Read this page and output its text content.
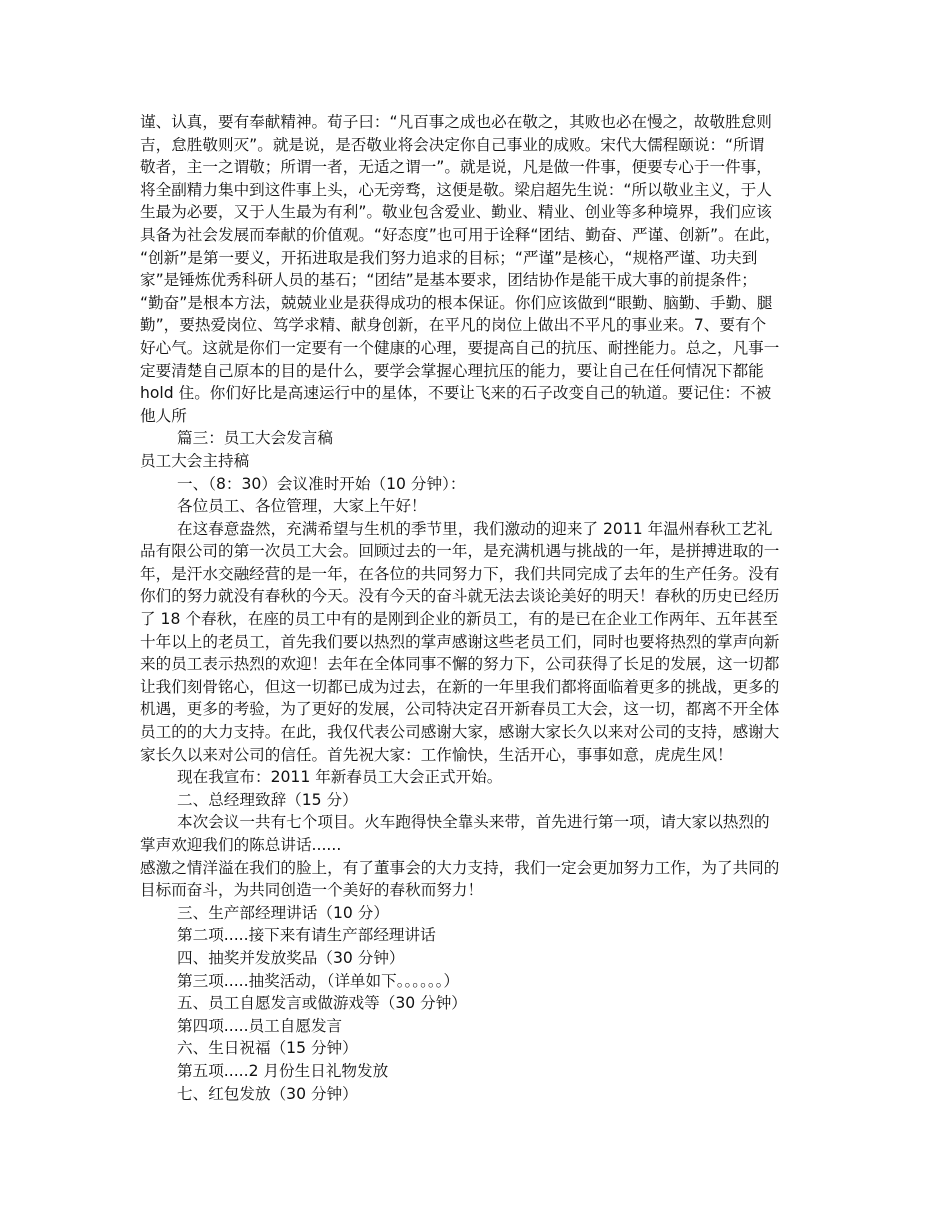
谨、认真，要有奉献精神。荀子曰：“凡百事之成也必在敬之，其败也必在慢之，故敬胜怠则
吉，怠胜敬则灭”。就是说，是否敬业将会决定你自己事业的成败。宋代大儒程颐说：“所谓
敬者，主一之谓敬；所谓一者，无适之谓一”。就是说，凡是做一件事，便要专心于一件事，
将全副精力集中到这件事上头，心无旁骛，这便是敬。梁启超先生说：“所以敬业主义，于人
生最为必要，又于人生最为有利”。敬业包含爱业、勤业、精业、创业等多种境界，我们应该
具备为社会发展而奉献的价值观。“好态度”也可用于诠释“团结、勤奋、严谨、创新”。在此，
“创新”是第一要义，开拓进取是我们努力追求的目标；“严谨”是核心，“规格严谨、功夫到
家”是锤炼优秀科研人员的基石；“团结”是基本要求，团结协作是能干成大事的前提条件；
“勤奋”是根本方法，兢兢业业是获得成功的根本保证。你们应该做到“眼勤、脑勤、手勤、腿
勤”，要热爱岗位、笃学求精、献身创新，在平凡的岗位上做出不平凡的事业来。7、要有个
好心气。这就是你们一定要有一个健康的心理，要提高自己的抗压、耐挫能力。总之，凡事一
定要清楚自己原本的目的是什么，要学会掌握心理抗压的能力，要让自己在任何情况下都能
hold 住。你们好比是高速运行中的星体，不要让飞来的石子改变自己的轨道。要记住：不被
他人所
篇三：员工大会发言稿
员工大会主持稿
一、（8：30）会议准时开始（10 分钟）：
各位员工、各位管理，大家上午好！
在这春意盎然，充满希望与生机的季节里，我们激动的迎来了 2011 年温州春秋工艺礼
品有限公司的第一次员工大会。回顾过去的一年，是充满机遇与挑战的一年，是拼搏进取的一
年，是汗水交融经营的是一年，在各位的共同努力下，我们共同完成了去年的生产任务。没有
你们的努力就没有春秋的今天。没有今天的奋斗就无法去谈论美好的明天！春秋的历史已经历
了 18 个春秋，在座的员工中有的是刚到企业的新员工，有的是已在企业工作两年、五年甚至
十年以上的老员工，首先我们要以热烈的掌声感谢这些老员工们，同时也要将热烈的掌声向新
来的员工表示热烈的欢迎！去年在全体同事不懈的努力下，公司获得了长足的发展，这一切都
让我们刻骨铭心，但这一切都已成为过去，在新的一年里我们都将面临着更多的挑战，更多的
机遇，更多的考验，为了更好的发展，公司特决定召开新春员工大会，这一切，都离不开全体
员工的的大力支持。在此，我仅代表公司感谢大家，感谢大家长久以来对公司的支持，感谢大
家长久以来对公司的信任。首先祝大家：工作愉快，生活开心，事事如意，虎虎生风！
现在我宣布：2011 年新春员工大会正式开始。
二、总经理致辞（15 分）
本次会议一共有七个项目。火车跑得快全靠头来带，首先进行第一项，请大家以热烈的
掌声欢迎我们的陈总讲话......
感激之情洋溢在我们的脸上，有了董事会的大力支持，我们一定会更加努力工作，为了共同的
目标而奋斗，为共同创造一个美好的春秋而努力！
三、生产部经理讲话（10 分）
第二项.....接下来有请生产部经理讲话
四、抽奖并发放奖品（30 分钟）
第三项.....抽奖活动，（详单如下。。。。。。）
五、员工自愿发言或做游戏等（30 分钟）
第四项.....员工自愿发言
六、生日祝福（15 分钟）
第五项.....2 月份生日礼物发放
七、红包发放（30 分钟）
